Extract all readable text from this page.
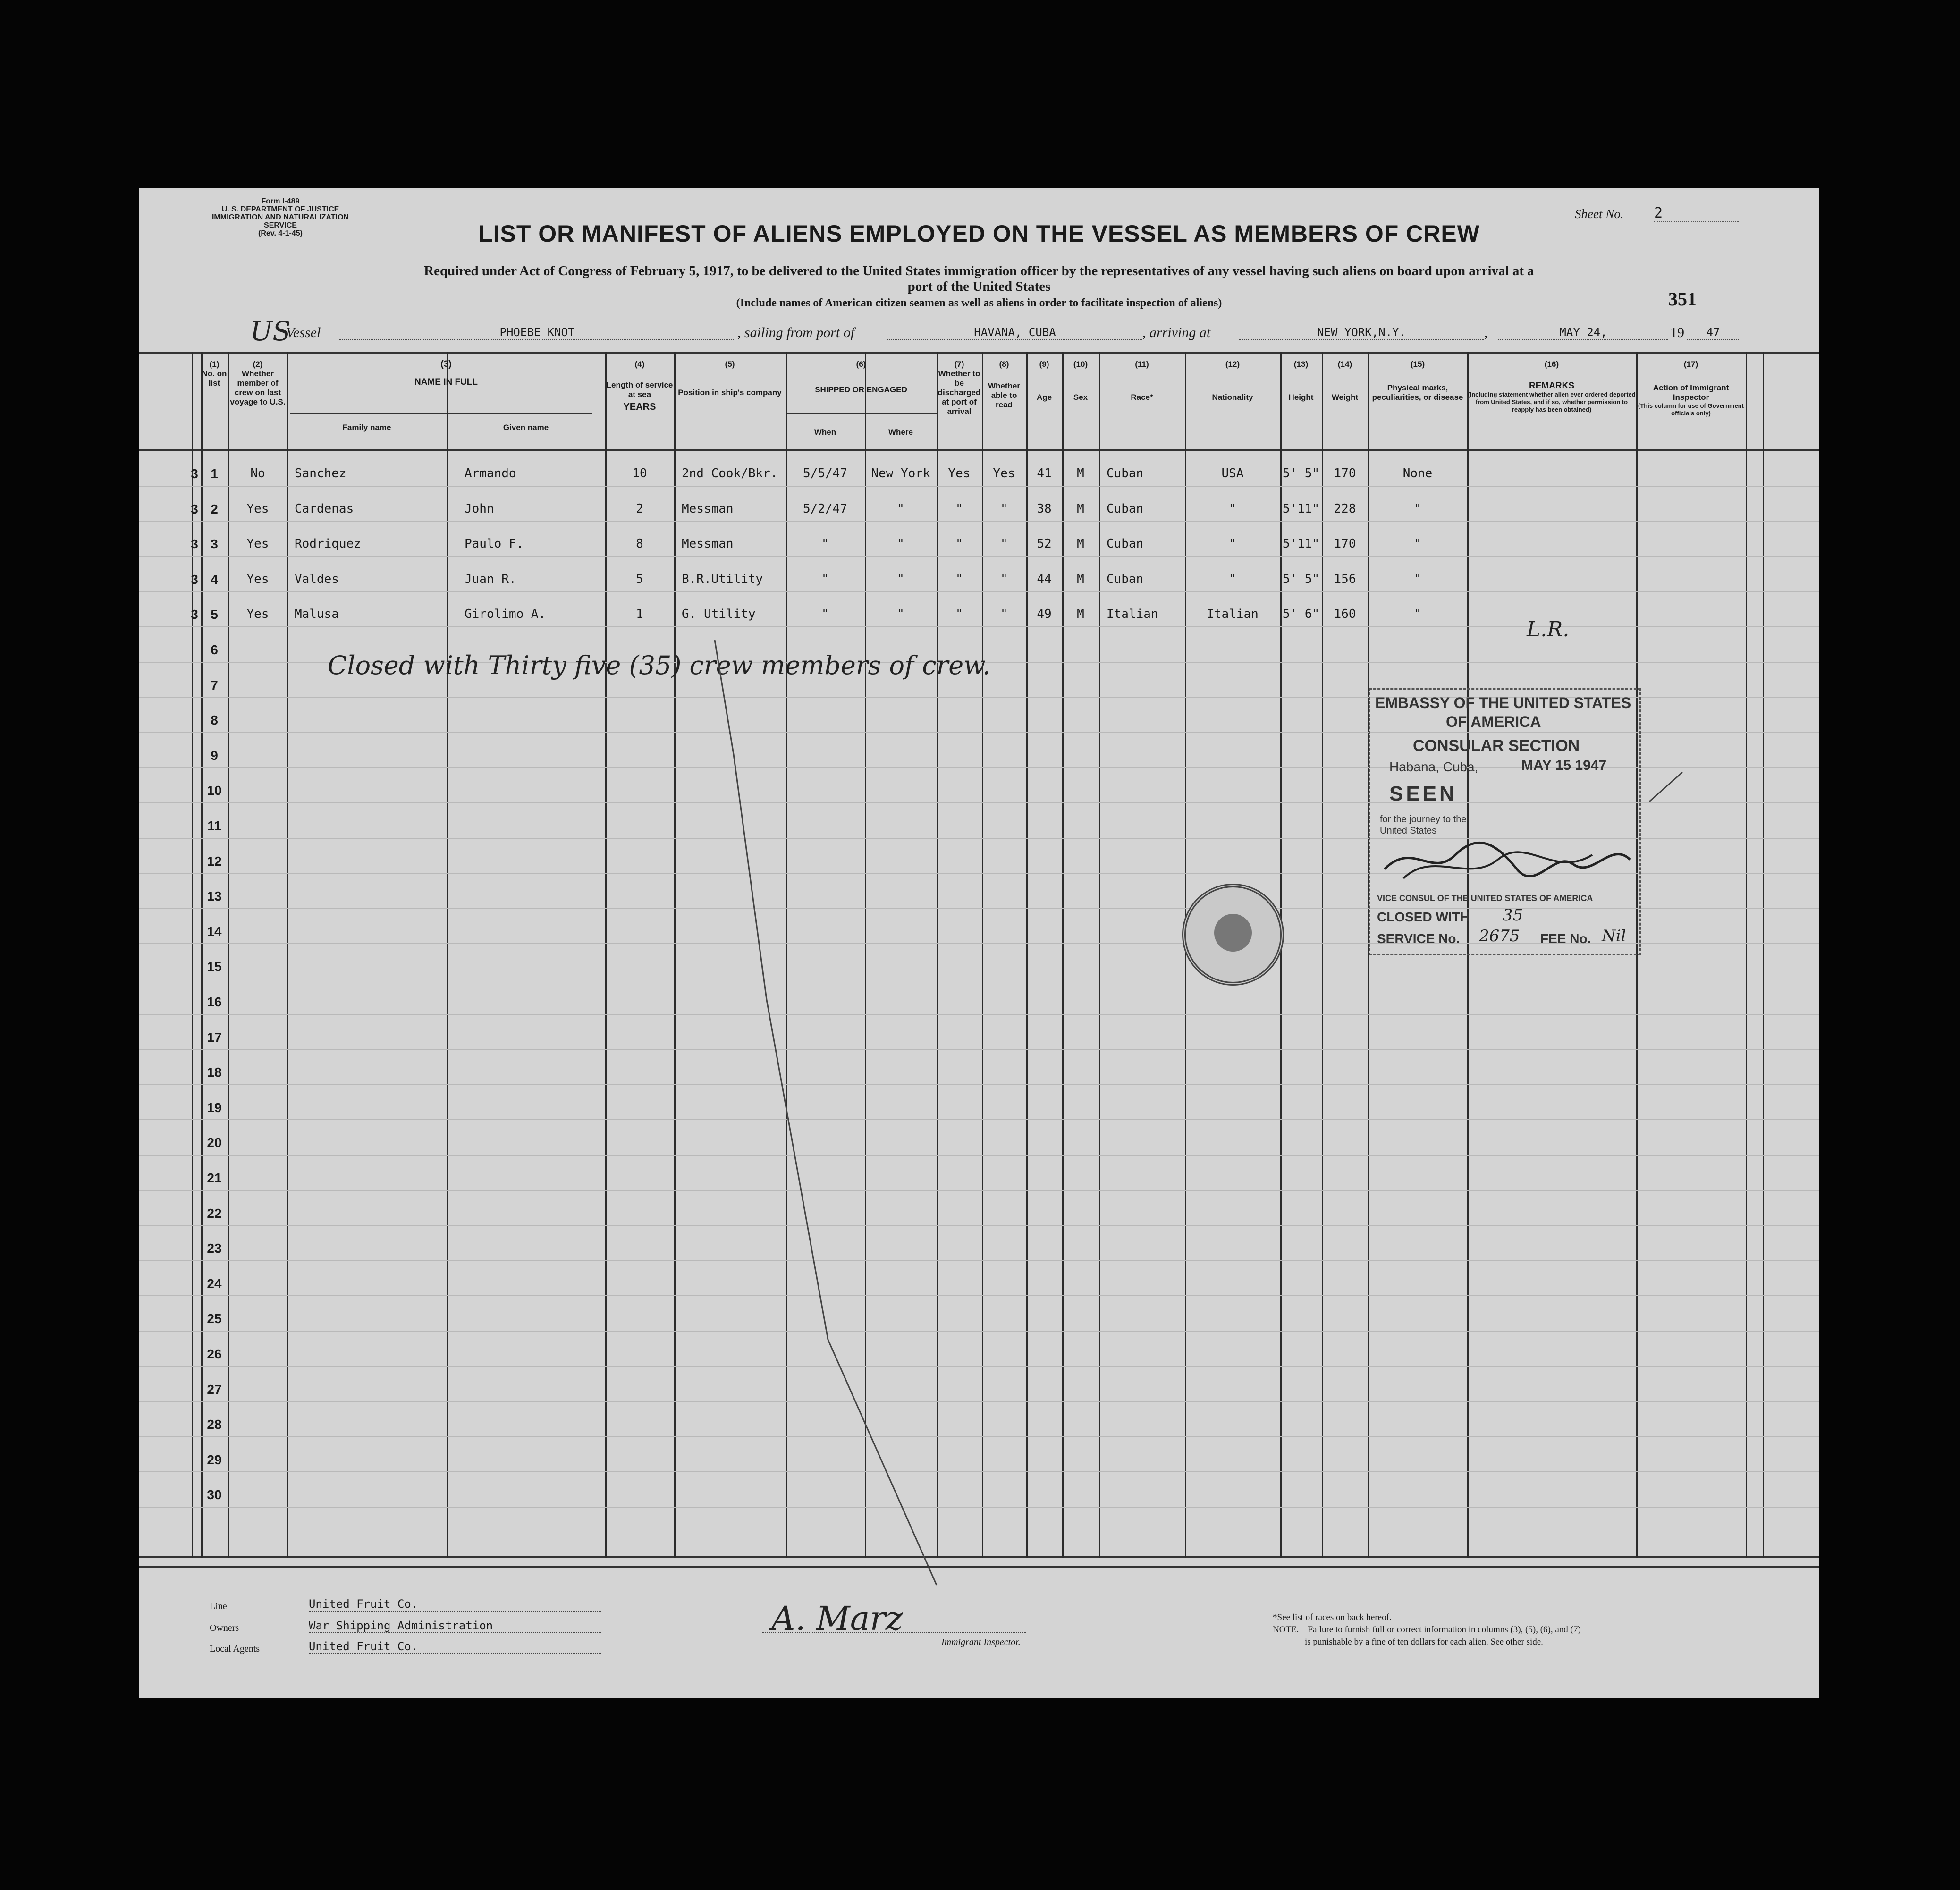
Form I-489
U. S. DEPARTMENT OF JUSTICE
IMMIGRATION AND NATURALIZATION SERVICE
(Rev. 4-1-45)
Sheet No. 2
LIST OR MANIFEST OF ALIENS EMPLOYED ON THE VESSEL AS MEMBERS OF CREW
Required under Act of Congress of February 5, 1917, to be delivered to the United States immigration officer by the representatives of any vessel having such aliens on board upon arrival at a
port of the United States
(Include names of American citizen seamen as well as aliens in order to facilitate inspection of aliens)	351
US
Vessel	PHOEBE KNOT	, sailing from port of	HAVANA, CUBA	, arriving at	NEW YORK,N.Y.	,	MAY 24,	19	47
(1)
No. on list
(2)
Whether member of crew on last voyage to U.S.
(3)
NAME IN FULL
Family name	Given name
(4)
Length of service at sea
YEARS
(5)
Position in ship's company
(6)
SHIPPED OR ENGAGED
When	Where
(7)
Whether to be discharged at port of arrival
(8)
Whether able to read
(9)
Age
(10)
Sex
(11)
Race*
(12)
Nationality
(13)
Height
(14)
Weight
(15)
Physical marks, peculiarities, or disease
(16)
REMARKS
(Including statement whether alien ever ordered deported from United States, and if so, whether permission to reapply has been obtained)
(17)
Action of Immigrant Inspector
(This column for use of Government officials only)
3 1	No	Sanchez	Armando	10	2nd Cook/Bkr.	5/5/47	New York	Yes	Yes	41	M	Cuban	USA	5' 5"	170	None
3 2	Yes	Cardenas	John	2	Messman	5/2/47	"	"	"	38	M	Cuban	"	5'11"	228	"
3 3	Yes	Rodriquez	Paulo F.	8	Messman	"	"	"	"	52	M	Cuban	"	5'11"	170	"
3 4	Yes	Valdes	Juan R.	5	B.R.Utility	"	"	"	"	44	M	Cuban	"	5' 5"	156	"
3 5	Yes	Malusa	Girolimo A.	1	G. Utility	"	"	"	"	49	M	Italian	Italian	5' 6"	160	"
6
7
8
9
10
11
12
13
14
15
16
17
18
19
20
21
22
23
24
25
26
27
28
29
30
Closed with Thirty five (35) crew members of crew.
L.R.
EMBASSY OF THE UNITED STATES
OF AMERICA
CONSULAR SECTION
Habana, Cuba,	MAY 15 1947
SEEN
for the journey to the
United States
VICE CONSUL OF THE UNITED STATES OF AMERICA
CLOSED WITH 35
SERVICE No. 2675 FEE No. Nil
Line	United Fruit Co.
Owners	War Shipping Administration
Local Agents	United Fruit Co.
A. Marz
Immigrant Inspector.
*See list of races on back hereof.
NOTE.—Failure to furnish full or correct information in columns (3), (5), (6), and (7)
is punishable by a fine of ten dollars for each alien. See other side.
